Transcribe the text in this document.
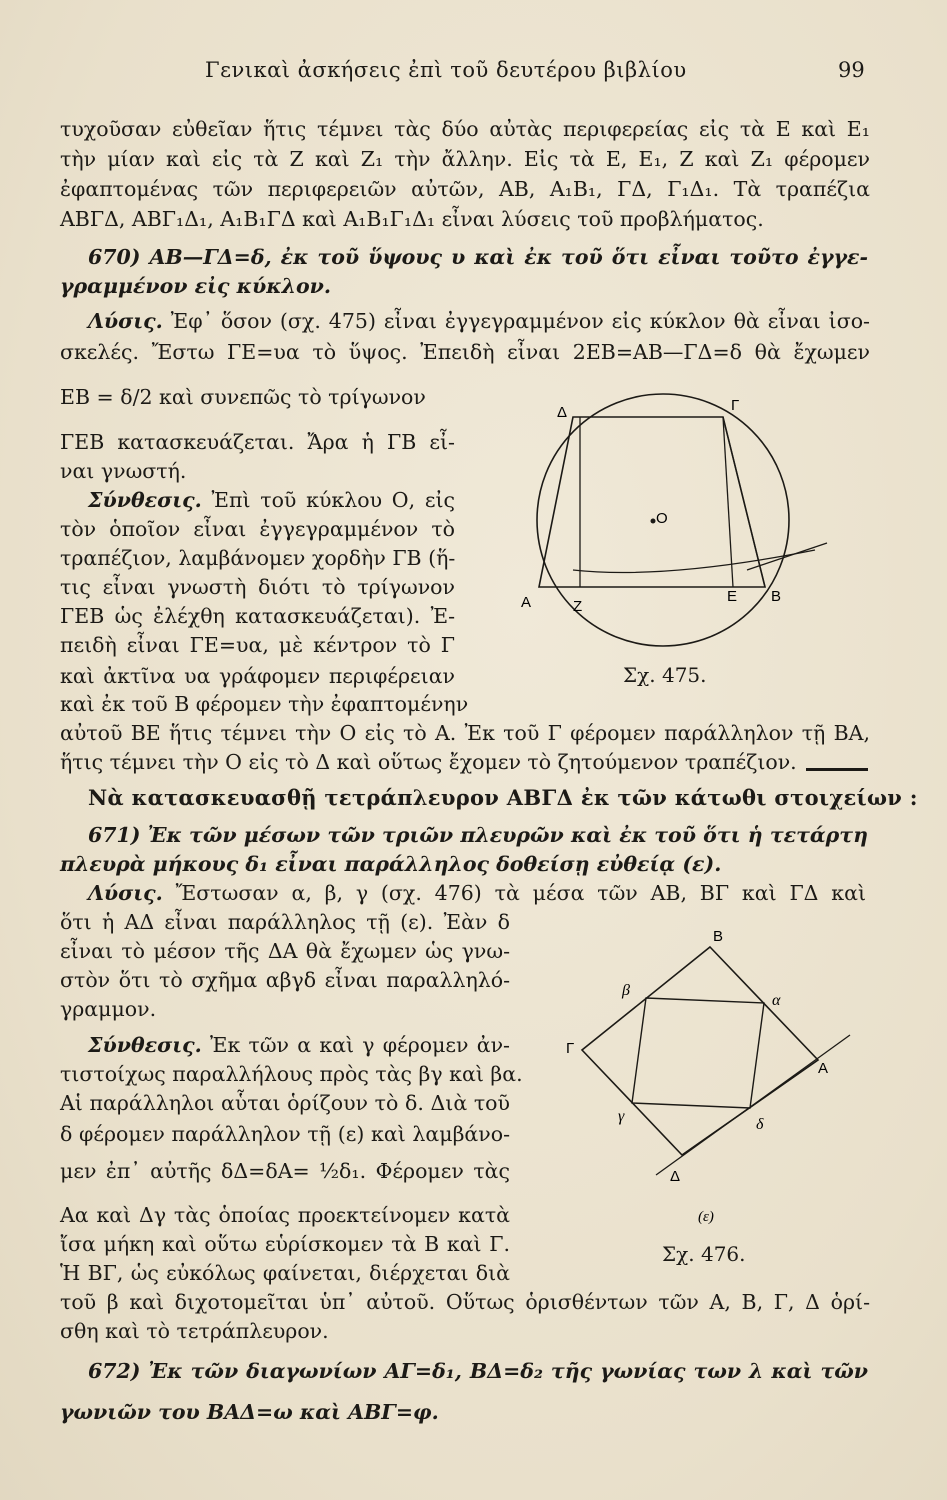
Γενικαὶ ἀσκήσεις ἐπὶ τοῦ δευτέρου βιβλίου	99
τυχοῦσαν εὐθεῖαν ἥτις τέμνει τὰς δύο αὐτὰς περιφερείας εἰς τὰ Ε καὶ Ε₁
τὴν μίαν καὶ εἰς τὰ Ζ καὶ Ζ₁ τὴν ἄλλην. Εἰς τὰ Ε, Ε₁, Ζ καὶ Ζ₁ φέρομεν
ἐφαπτομένας τῶν περιφερειῶν αὐτῶν, ΑΒ, Α₁Β₁, ΓΔ, Γ₁Δ₁. Τὰ τραπέζια
ΑΒΓΔ, ΑΒΓ₁Δ₁, Α₁Β₁ΓΔ καὶ Α₁Β₁Γ₁Δ₁ εἶναι λύσεις τοῦ προβλήματος.
670) ΑΒ—ΓΔ=δ, ἐκ τοῦ ὕψους υ καὶ ἐκ τοῦ ὅτι εἶναι τοῦτο ἐγγε-
γραμμένον εἰς κύκλον.
Λύσις. Ἐφ᾽ ὅσον (σχ. 475) εἶναι ἐγγεγραμμένον εἰς κύκλον θὰ εἶναι ἰσο-
σκελές. Ἔστω ΓΕ=υα τὸ ὕψος. Ἐπειδὴ εἶναι 2ΕΒ=ΑΒ—ΓΔ=δ θὰ ἔχωμεν
ΕΒ = δ/2 καὶ συνεπῶς τὸ τρίγωνον
ΓΕΒ κατασκευάζεται. Ἄρα ἡ ΓΒ εἶ-
ναι γνωστή.
Σύνθεσις. Ἐπὶ τοῦ κύκλου Ο, εἰς
τὸν ὁποῖον εἶναι ἐγγεγραμμένον τὸ
τραπέζιον, λαμβάνομεν χορδὴν ΓΒ (ἥ-
τις εἶναι γνωστὴ διότι τὸ τρίγωνον
ΓΕΒ ὡς ἐλέχθη κατασκευάζεται). Ἐ-
πειδὴ εἶναι ΓΕ=υα, μὲ κέντρον τὸ Γ
καὶ ἀκτῖνα υα γράφομεν περιφέρειαν
καὶ ἐκ τοῦ Β φέρομεν τὴν ἐφαπτομένην
αὐτοῦ ΒΕ ἥτις τέμνει τὴν Ο εἰς τὸ Α. Ἐκ τοῦ Γ φέρομεν παράλληλον τῇ ΒΑ,
ἥτις τέμνει τὴν Ο εἰς τὸ Δ καὶ οὕτως ἔχομεν τὸ ζητούμενον τραπέζιον.
Δ	Γ
O
Α	Ζ
Ε Β
Σχ. 475.
Νὰ κατασκευασθῇ τετράπλευρον ΑΒΓΔ ἐκ τῶν κάτωθι στοιχείων :
671) Ἐκ τῶν μέσων τῶν τριῶν πλευρῶν καὶ ἐκ τοῦ ὅτι ἡ τετάρτη
πλευρὰ μήκους δ₁ εἶναι παράλληλος δοθείσῃ εὐθείᾳ (ε).
Λύσις. Ἔστωσαν α, β, γ (σχ. 476) τὰ μέσα τῶν ΑΒ, ΒΓ καὶ ΓΔ καὶ
ὅτι ἡ ΑΔ εἶναι παράλληλος τῇ (ε). Ἐὰν δ
εἶναι τὸ μέσον τῆς ΔΑ θὰ ἔχωμεν ὡς γνω-
στὸν ὅτι τὸ σχῆμα αβγδ εἶναι παραλληλό-
γραμμον.
Σύνθεσις. Ἐκ τῶν α καὶ γ φέρομεν ἀν-
τιστοίχως παραλλήλους πρὸς τὰς βγ καὶ βα.
Αἱ παράλληλοι αὗται ὁρίζουν τὸ δ. Διὰ τοῦ
δ φέρομεν παράλληλον τῇ (ε) καὶ λαμβάνο-
μεν ἐπ᾽ αὐτῆς δΔ=δΑ= ½δ₁. Φέρομεν τὰς
Αα καὶ Δγ τὰς ὁποίας προεκτείνομεν κατὰ
ἴσα μήκη καὶ οὕτω εὑρίσκομεν τὰ Β καὶ Γ.
Ἡ ΒΓ, ὡς εὐκόλως φαίνεται, διέρχεται διὰ
τοῦ β καὶ διχοτομεῖται ὑπ᾽ αὐτοῦ. Οὕτως ὁρισθέντων τῶν Α, Β, Γ, Δ ὁρί-
σθη καὶ τὸ τετράπλευρον.
Β
β
α
Γ
Α
γ	δ
Δ
(ε)
Σχ. 476.
672) Ἐκ τῶν διαγωνίων ΑΓ=δ₁, ΒΔ=δ₂ τῆς γωνίας των λ καὶ τῶν
γωνιῶν του ΒΑΔ=ω καὶ ΑΒΓ=φ.
